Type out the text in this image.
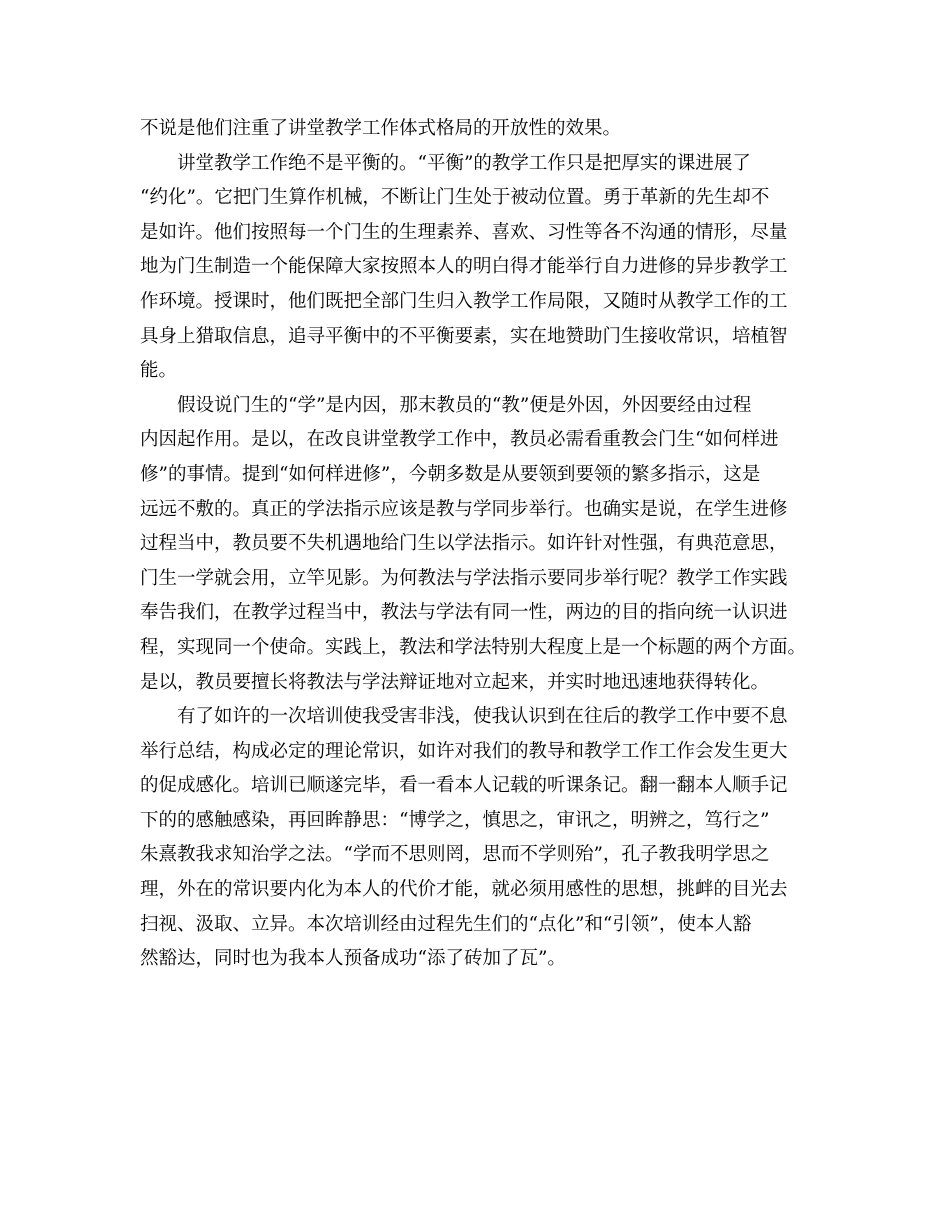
不说是他们注重了讲堂教学工作体式格局的开放性的效果。
讲堂教学工作绝不是平衡的。“平衡”的教学工作只是把厚实的课进展了
“约化”。它把门生算作机械，不断让门生处于被动位置。勇于革新的先生却不
是如许。他们按照每一个门生的生理素养、喜欢、习性等各不沟通的情形，尽量
地为门生制造一个能保障大家按照本人的明白得才能举行自力进修的异步教学工
作环境。授课时，他们既把全部门生归入教学工作局限，又随时从教学工作的工
具身上猎取信息，追寻平衡中的不平衡要素，实在地赞助门生接收常识，培植智
能。
假设说门生的“学”是内因，那末教员的“教”便是外因，外因要经由过程
内因起作用。是以，在改良讲堂教学工作中，教员必需看重教会门生“如何样进
修”的事情。提到“如何样进修”，今朝多数是从要领到要领的繁多指示，这是
远远不敷的。真正的学法指示应该是教与学同步举行。也确实是说，在学生进修
过程当中，教员要不失机遇地给门生以学法指示。如许针对性强，有典范意思，
门生一学就会用，立竿见影。为何教法与学法指示要同步举行呢？教学工作实践
奉告我们，在教学过程当中，教法与学法有同一性，两边的目的指向统一认识进
程，实现同一个使命。实践上，教法和学法特别大程度上是一个标题的两个方面。
是以，教员要擅长将教法与学法辩证地对立起来，并实时地迅速地获得转化。
有了如许的一次培训使我受害非浅，使我认识到在往后的教学工作中要不息
举行总结，构成必定的理论常识，如许对我们的教导和教学工作工作会发生更大
的促成感化。培训已顺遂完毕，看一看本人记载的听课条记。翻一翻本人顺手记
下的的感触感染，再回眸静思：“博学之，慎思之，审讯之，明辨之，笃行之”
朱熹教我求知治学之法。“学而不思则罔，思而不学则殆”，孔子教我明学思之
理，外在的常识要内化为本人的代价才能，就必须用感性的思想，挑衅的目光去
扫视、汲取、立异。本次培训经由过程先生们的“点化”和“引领”，使本人豁
然豁达，同时也为我本人预备成功“添了砖加了瓦”。
